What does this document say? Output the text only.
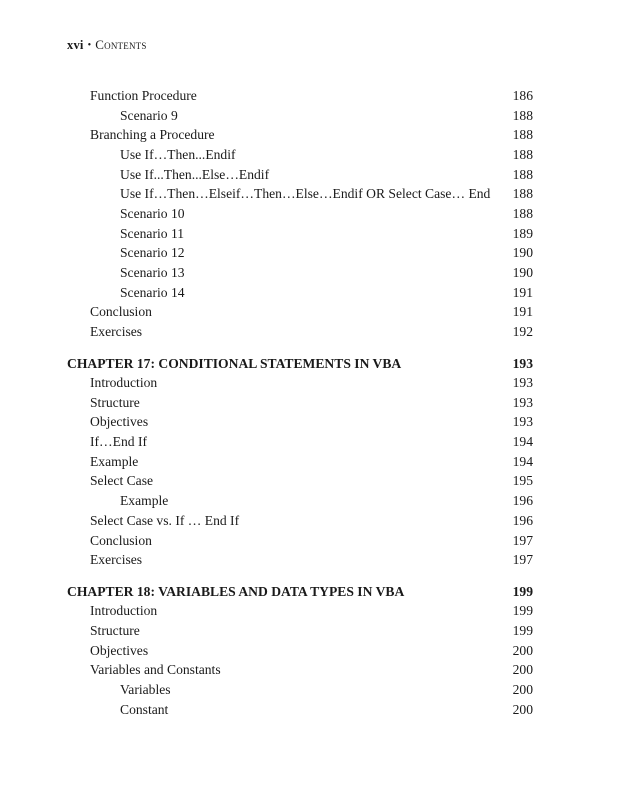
xvi • Contents
Function Procedure	186
Scenario 9	188
Branching a Procedure	188
Use If…Then...Endif	188
Use If...Then...Else…Endif	188
Use If…Then…Elseif…Then…Else…Endif OR Select Case… End 188
Scenario 10	188
Scenario 11	189
Scenario 12	190
Scenario 13	190
Scenario 14	191
Conclusion	191
Exercises	192
CHAPTER 17: CONDITIONAL STATEMENTS IN VBA	193
Introduction	193
Structure	193
Objectives	193
If…End If	194
Example	194
Select Case	195
Example	196
Select Case vs. If … End If	196
Conclusion	197
Exercises	197
CHAPTER 18: VARIABLES AND DATA TYPES IN VBA	199
Introduction	199
Structure	199
Objectives	200
Variables and Constants	200
Variables	200
Constant	200
